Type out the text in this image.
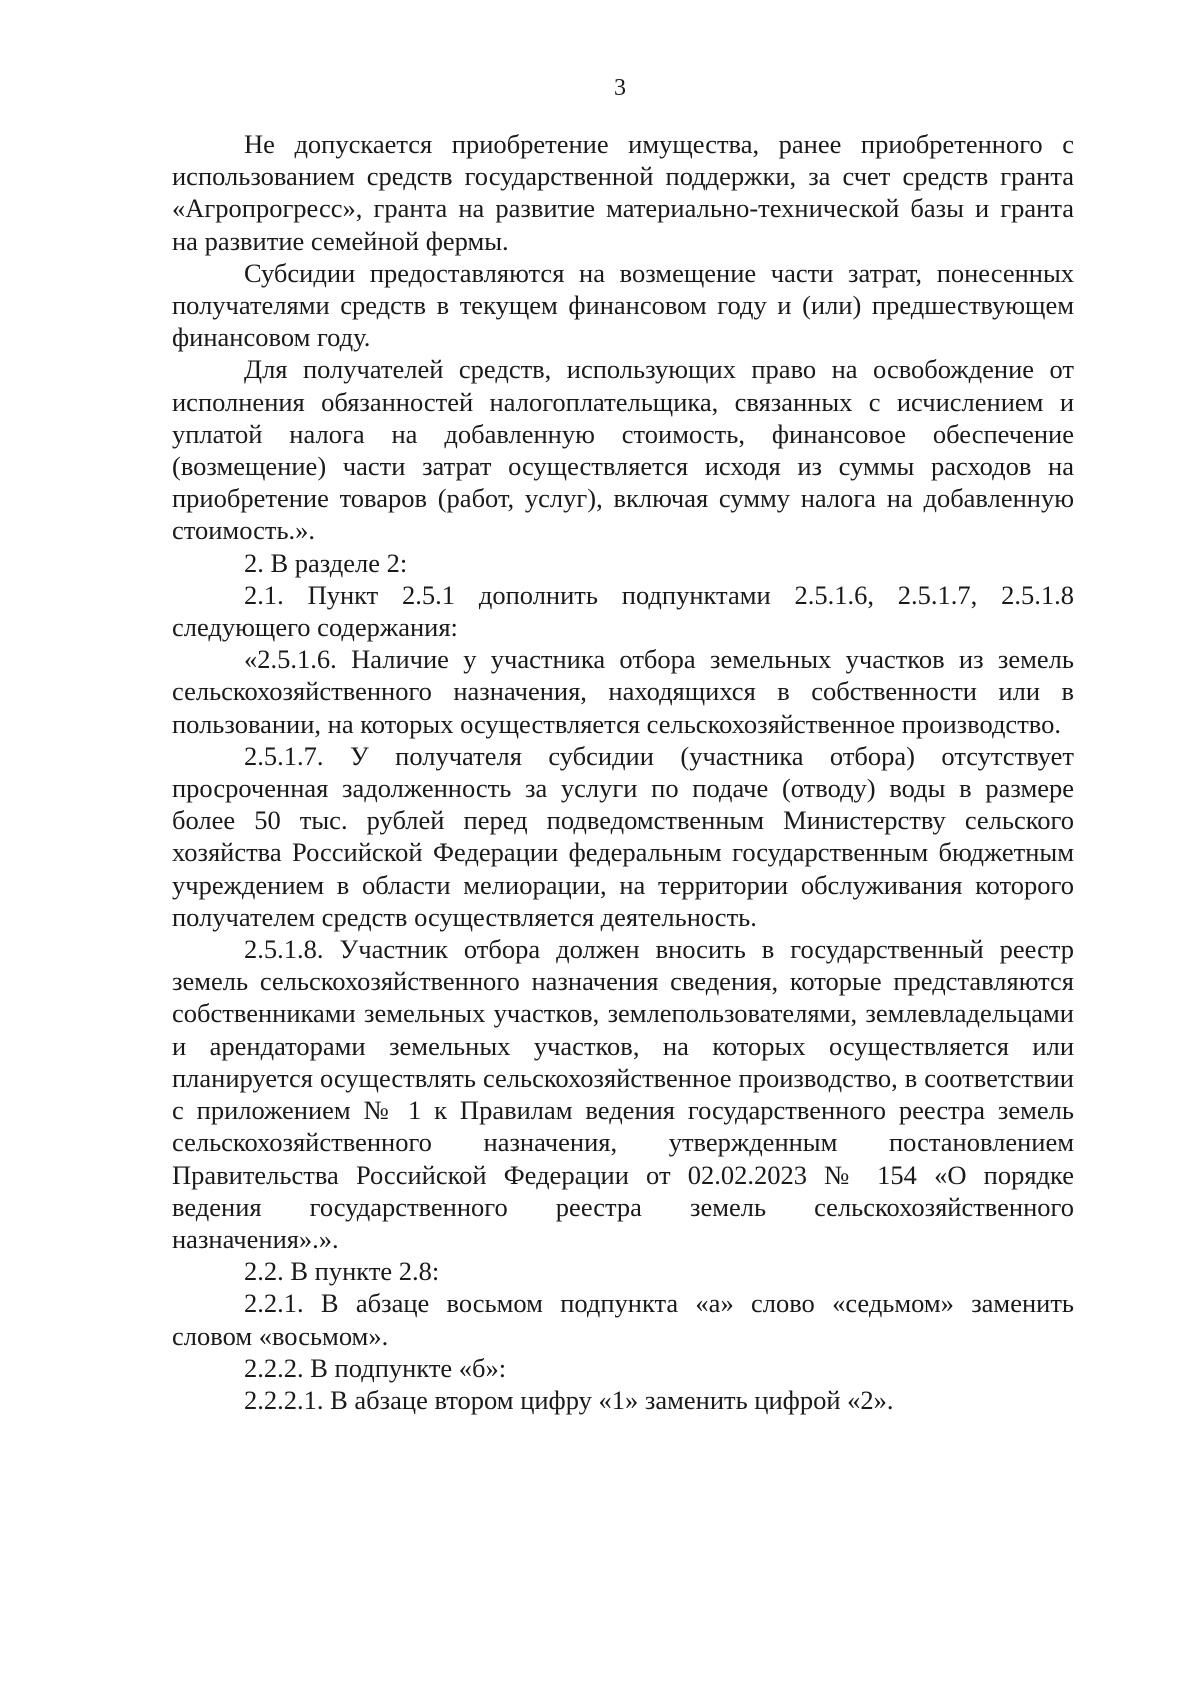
3

Не допускается приобретение имущества, ранее приобретенного с использованием средств государственной поддержки, за счет средств гранта «Агропрогресс», гранта на развитие материально-технической базы и гранта на развитие семейной фермы.

Субсидии предоставляются на возмещение части затрат, понесенных получателями средств в текущем финансовом году и (или) предшествующем финансовом году.

Для получателей средств, использующих право на освобождение от исполнения обязанностей налогоплательщика, связанных с исчислением и уплатой налога на добавленную стоимость, финансовое обеспечение (возмещение) части затрат осуществляется исходя из суммы расходов на приобретение товаров (работ, услуг), включая сумму налога на добавленную стоимость.».

2. В разделе 2:

2.1. Пункт 2.5.1 дополнить подпунктами 2.5.1.6, 2.5.1.7, 2.5.1.8 следующего содержания:

«2.5.1.6. Наличие у участника отбора земельных участков из земель сельскохозяйственного назначения, находящихся в собственности или в пользовании, на которых осуществляется сельскохозяйственное производство.

2.5.1.7. У получателя субсидии (участника отбора) отсутствует просроченная задолженность за услуги по подаче (отводу) воды в размере более 50 тыс. рублей перед подведомственным Министерству сельского хозяйства Российской Федерации федеральным государственным бюджетным учреждением в области мелиорации, на территории обслуживания которого получателем средств осуществляется деятельность.

2.5.1.8. Участник отбора должен вносить в государственный реестр земель сельскохозяйственного назначения сведения, которые представляются собственниками земельных участков, землепользователями, землевладельцами и арендаторами земельных участков, на которых осуществляется или планируется осуществлять сельскохозяйственное производство, в соответствии с приложением № 1 к Правилам ведения государственного реестра земель сельскохозяйственного назначения, утвержденным постановлением Правительства Российской Федерации от 02.02.2023 № 154 «О порядке ведения государственного реестра земель сельскохозяйственного назначения».».

2.2. В пункте 2.8:

2.2.1. В абзаце восьмом подпункта «а» слово «седьмом» заменить словом «восьмом».

2.2.2. В подпункте «б»:

2.2.2.1. В абзаце втором цифру «1» заменить цифрой «2».
